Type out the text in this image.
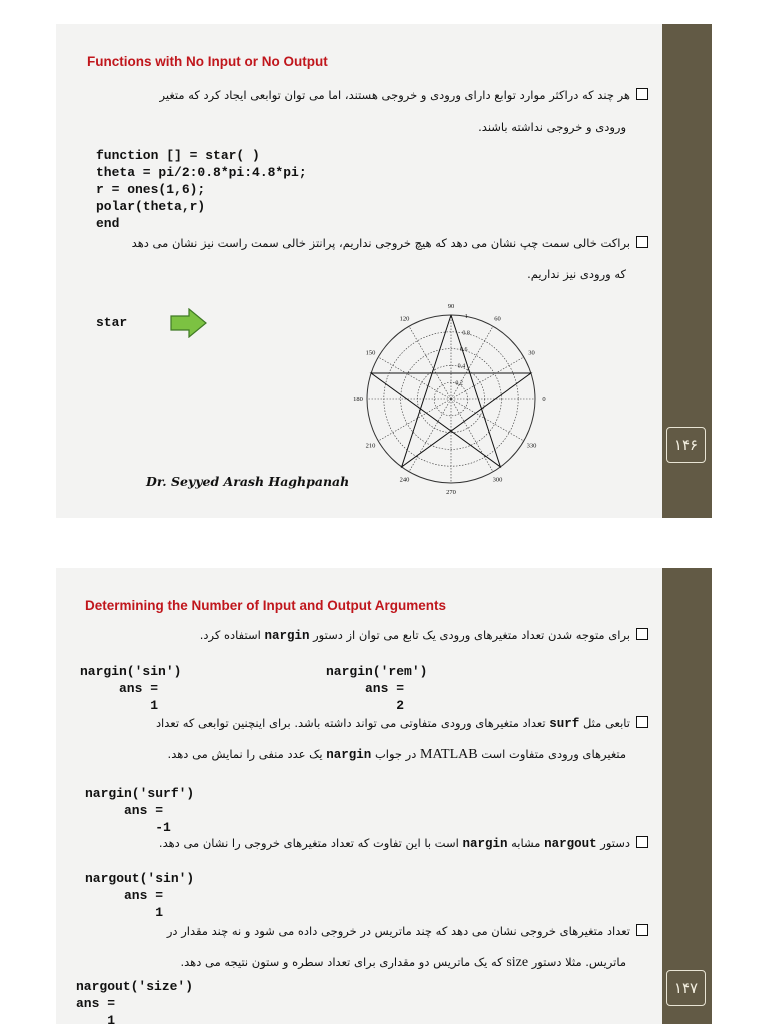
۱۴۶
Functions with No Input or No Output
هر چند که دراکثر موارد توابع دارای ورودی و خروجی هستند، اما می توان توابعی ایجاد کرد که متغیر
ورودی و خروجی نداشته باشند.
function [] = star( )
theta = pi/2:0.8*pi:4.8*pi;
r = ones(1,6);
polar(theta,r)
end
براکت خالی سمت چپ نشان می دهد که هیچ خروجی نداریم، پرانتز خالی سمت راست نیز نشان می دهد
که ورودی نیز نداریم.
star
0
30
60
90
120
150
180
210
240
270
300
330
0.2
0.4
0.6
0.8
1
Dr. Seyyed Arash Haghpanah
۱۴۷
Determining the Number of Input and Output Arguments
برای متوجه شدن تعداد متغیرهای ورودی یک تابع می توان از دستور nargin استفاده کرد.
nargin('sin')
ans =
1
nargin('rem')
ans =
2
تابعی مثل surf تعداد متغیرهای ورودی متفاوتی می تواند داشته باشد. برای اینچنین توابعی که تعداد
متغیرهای ورودی متفاوت است MATLAB در جواب nargin یک عدد منفی را نمایش می دهد.
nargin('surf')
ans =
-1
دستور nargout مشابه nargin است با این تفاوت که تعداد متغیرهای خروجی را نشان می دهد.
nargout('sin')
ans =
1
تعداد متغیرهای خروجی نشان می دهد که چند ماتریس در خروجی داده می شود و نه چند مقدار در
ماتریس. مثلا دستور size که یک ماتریس دو مقداری برای تعداد سطره و ستون نتیجه می دهد.
nargout('size')
ans =
1
